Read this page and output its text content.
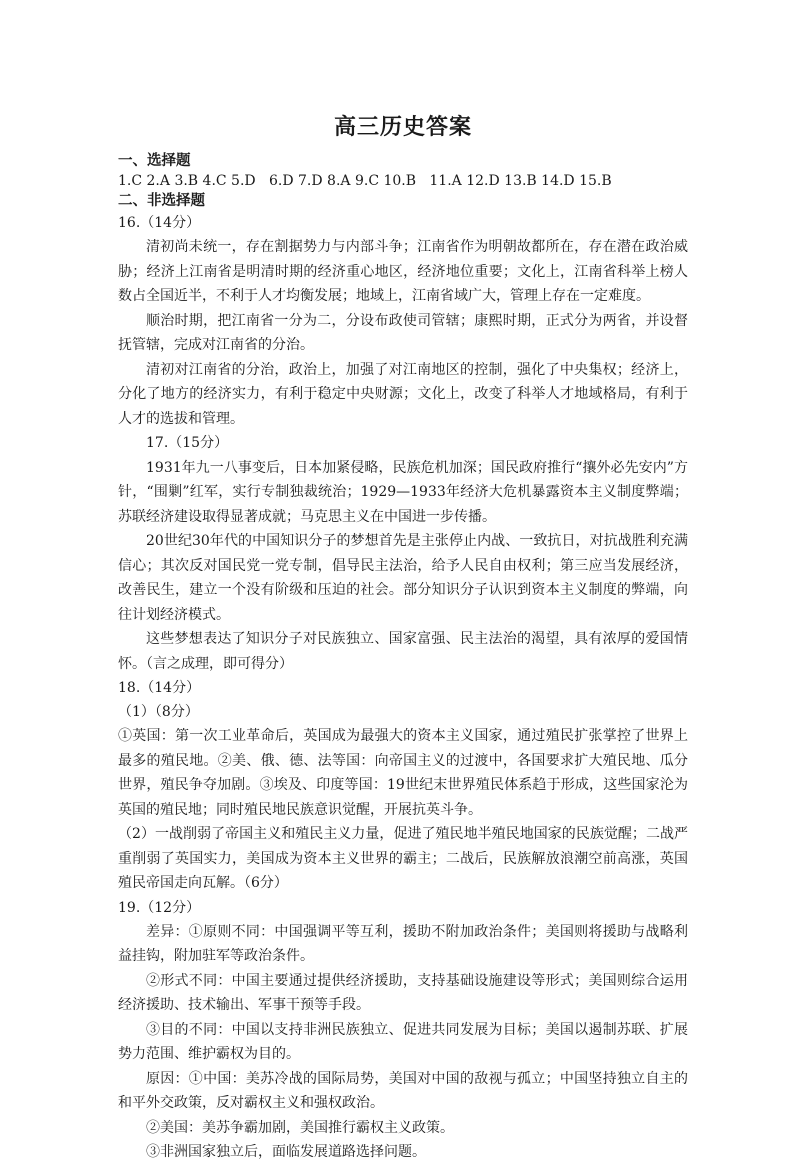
高三历史答案

一、选择题

1.C 2.A 3.B 4.C 5.D   6.D 7.D 8.A 9.C 10.B   11.A 12.D 13.B 14.D 15.B

二、非选择题

16.（14分）

清初尚未统一，存在割据势力与内部斗争；江南省作为明朝故都所在，存在潜在政治威胁；经济上江南省是明清时期的经济重心地区，经济地位重要；文化上，江南省科举上榜人数占全国近半，不利于人才均衡发展；地域上，江南省域广大，管理上存在一定难度。

顺治时期，把江南省一分为二，分设布政使司管辖；康熙时期，正式分为两省，并设督抚管辖，完成对江南省的分治。

清初对江南省的分治，政治上，加强了对江南地区的控制，强化了中央集权；经济上，分化了地方的经济实力，有利于稳定中央财源；文化上，改变了科举人才地域格局，有利于人才的选拔和管理。

17.（15分）

1931年九一八事变后，日本加紧侵略，民族危机加深；国民政府推行“攘外必先安内”方针，“围剿”红军，实行专制独裁统治；1929—1933年经济大危机暴露资本主义制度弊端；苏联经济建设取得显著成就；马克思主义在中国进一步传播。

20世纪30年代的中国知识分子的梦想首先是主张停止内战、一致抗日，对抗战胜利充满信心；其次反对国民党一党专制，倡导民主法治，给予人民自由权利；第三应当发展经济，改善民生，建立一个没有阶级和压迫的社会。部分知识分子认识到资本主义制度的弊端，向往计划经济模式。

这些梦想表达了知识分子对民族独立、国家富强、民主法治的渴望，具有浓厚的爱国情怀。（言之成理，即可得分）

18.（14分）

（1）（8分）

①英国：第一次工业革命后，英国成为最强大的资本主义国家，通过殖民扩张掌控了世界上最多的殖民地。②美、俄、德、法等国：向帝国主义的过渡中，各国要求扩大殖民地、瓜分世界，殖民争夺加剧。③埃及、印度等国：19世纪末世界殖民体系趋于形成，这些国家沦为英国的殖民地；同时殖民地民族意识觉醒，开展抗英斗争。

（2）一战削弱了帝国主义和殖民主义力量，促进了殖民地半殖民地国家的民族觉醒；二战严重削弱了英国实力，美国成为资本主义世界的霸主；二战后，民族解放浪潮空前高涨，英国殖民帝国走向瓦解。（6分）

19.（12分）

差异：①原则不同：中国强调平等互利，援助不附加政治条件；美国则将援助与战略利益挂钩，附加驻军等政治条件。

②形式不同：中国主要通过提供经济援助，支持基础设施建设等形式；美国则综合运用经济援助、技术输出、军事干预等手段。

③目的不同：中国以支持非洲民族独立、促进共同发展为目标；美国以遏制苏联、扩展势力范围、维护霸权为目的。

原因：①中国：美苏冷战的国际局势，美国对中国的敌视与孤立；中国坚持独立自主的和平外交政策，反对霸权主义和强权政治。

②美国：美苏争霸加剧，美国推行霸权主义政策。

③非洲国家独立后，面临发展道路选择问题。
